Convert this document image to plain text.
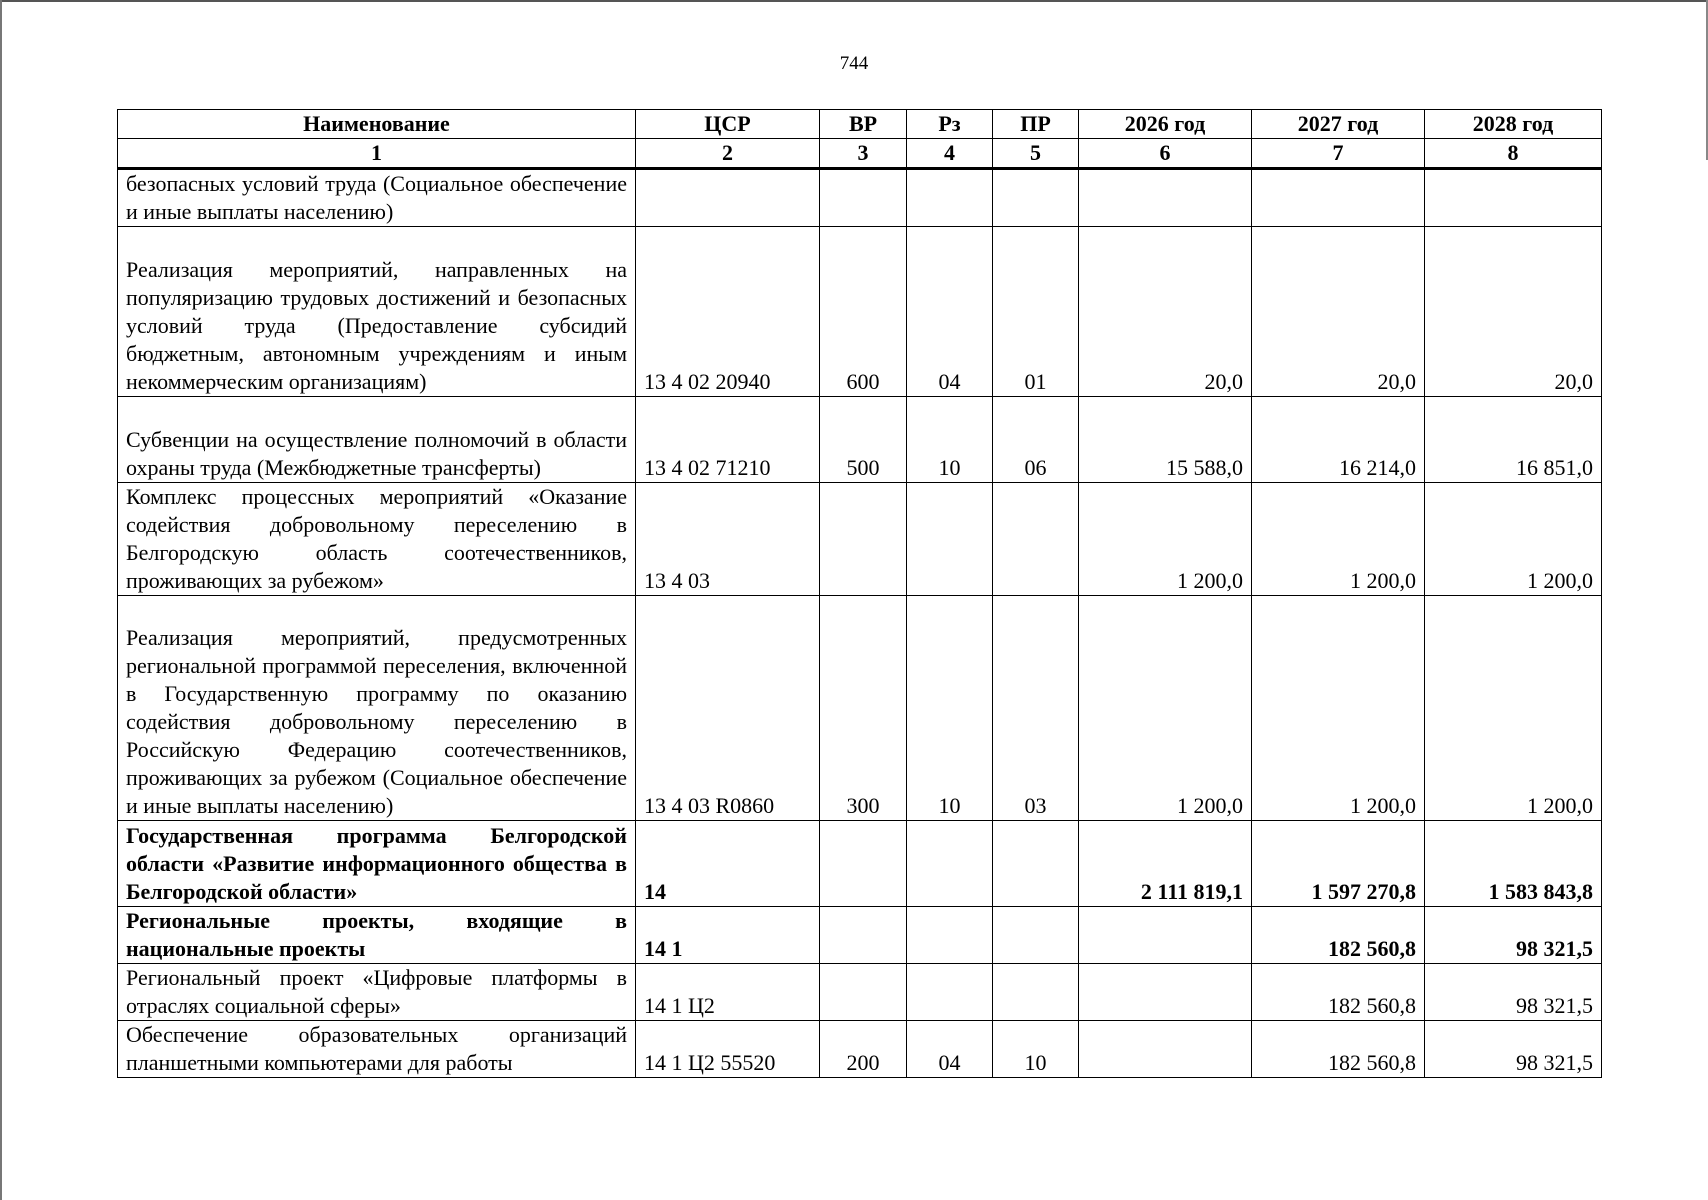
744
Наименование	ЦСР	ВР	Рз	ПР	2026 год	2027 год	2028 год
1	2	3	4	5	6	7	8
безопасных условий труда (Социальное обеспечение и иные выплаты населению)							
Реализация мероприятий, направленных на популяризацию трудовых достижений и безопасных условий труда (Предоставление субсидий бюджетным, автономным учреждениям и иным некоммерческим организациям)	13 4 02 20940	600	04	01	20,0	20,0	20,0
Субвенции на осуществление полномочий в области охраны труда (Межбюджетные трансферты)	13 4 02 71210	500	10	06	15 588,0	16 214,0	16 851,0
Комплекс процессных мероприятий «Оказание содействия добровольному переселению в Белгородскую область соотечественников, проживающих за рубежом»	13 4 03				1 200,0	1 200,0	1 200,0
Реализация мероприятий, предусмотренных региональной программой переселения, включенной в Государственную программу по оказанию содействия добровольному переселению в Российскую Федерацию соотечественников, проживающих за рубежом (Социальное обеспечение и иные выплаты населению)	13 4 03 R0860	300	10	03	1 200,0	1 200,0	1 200,0
Государственная программа Белгородской области «Развитие информационного общества в Белгородской области»	14				2 111 819,1	1 597 270,8	1 583 843,8
Региональные проекты, входящие в национальные проекты	14 1					182 560,8	98 321,5
Региональный проект «Цифровые платформы в отраслях социальной сферы»	14 1 Ц2					182 560,8	98 321,5
Обеспечение образовательных организаций планшетными компьютерами для работы	14 1 Ц2 55520	200	04	10		182 560,8	98 321,5
